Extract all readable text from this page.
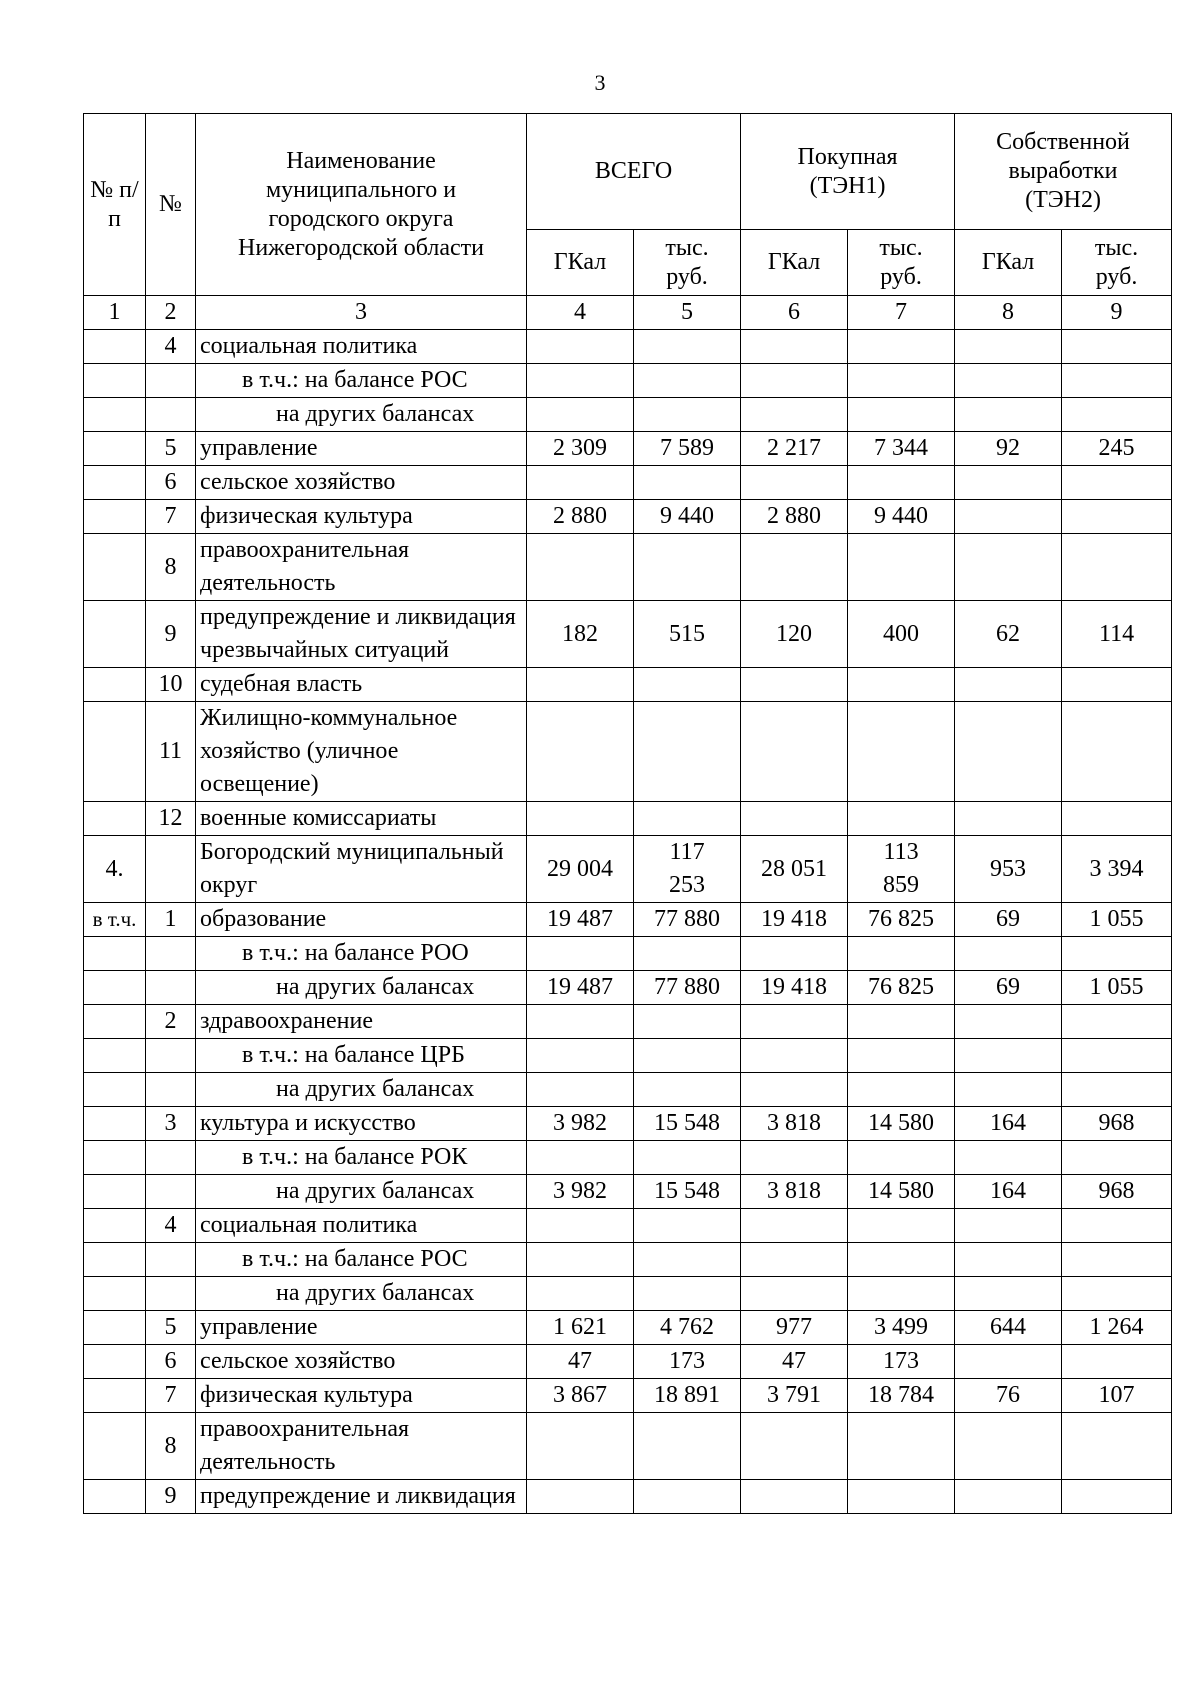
3
№ п/п	№	Наименование муниципального и городского округа Нижегородской области	ВСЕГО		Покупная (ТЭН1)		Собственной выработки (ТЭН2)	
			ГКал	тыс. руб.	ГКал	тыс. руб.	ГКал	тыс. руб.
1	2	3	4	5	6	7	8	9
	4	социальная политика						
		в т.ч.: на балансе РОС						
		на других балансах						
	5	управление	2 309	7 589	2 217	7 344	92	245
	6	сельское хозяйство						
	7	физическая культура	2 880	9 440	2 880	9 440		
	8	правоохранительная деятельность						
	9	предупреждение и ликвидация чрезвычайных ситуаций	182	515	120	400	62	114
	10	судебная власть						
	11	Жилищно-коммунальное хозяйство (уличное освещение)						
	12	военные комиссариаты						
4.		Богородский муниципальный округ	29 004	117 253	28 051	113 859	953	3 394
в т.ч.	1	образование	19 487	77 880	19 418	76 825	69	1 055
		в т.ч.: на балансе РОО						
		на других балансах	19 487	77 880	19 418	76 825	69	1 055
	2	здравоохранение						
		в т.ч.: на балансе ЦРБ						
		на других балансах						
	3	культура и искусство	3 982	15 548	3 818	14 580	164	968
		в т.ч.: на балансе РОК						
		на других балансах	3 982	15 548	3 818	14 580	164	968
	4	социальная политика						
		в т.ч.: на балансе РОС						
		на других балансах						
	5	управление	1 621	4 762	977	3 499	644	1 264
	6	сельское хозяйство	47	173	47	173		
	7	физическая культура	3 867	18 891	3 791	18 784	76	107
	8	правоохранительная деятельность						
	9	предупреждение и ликвидация						
